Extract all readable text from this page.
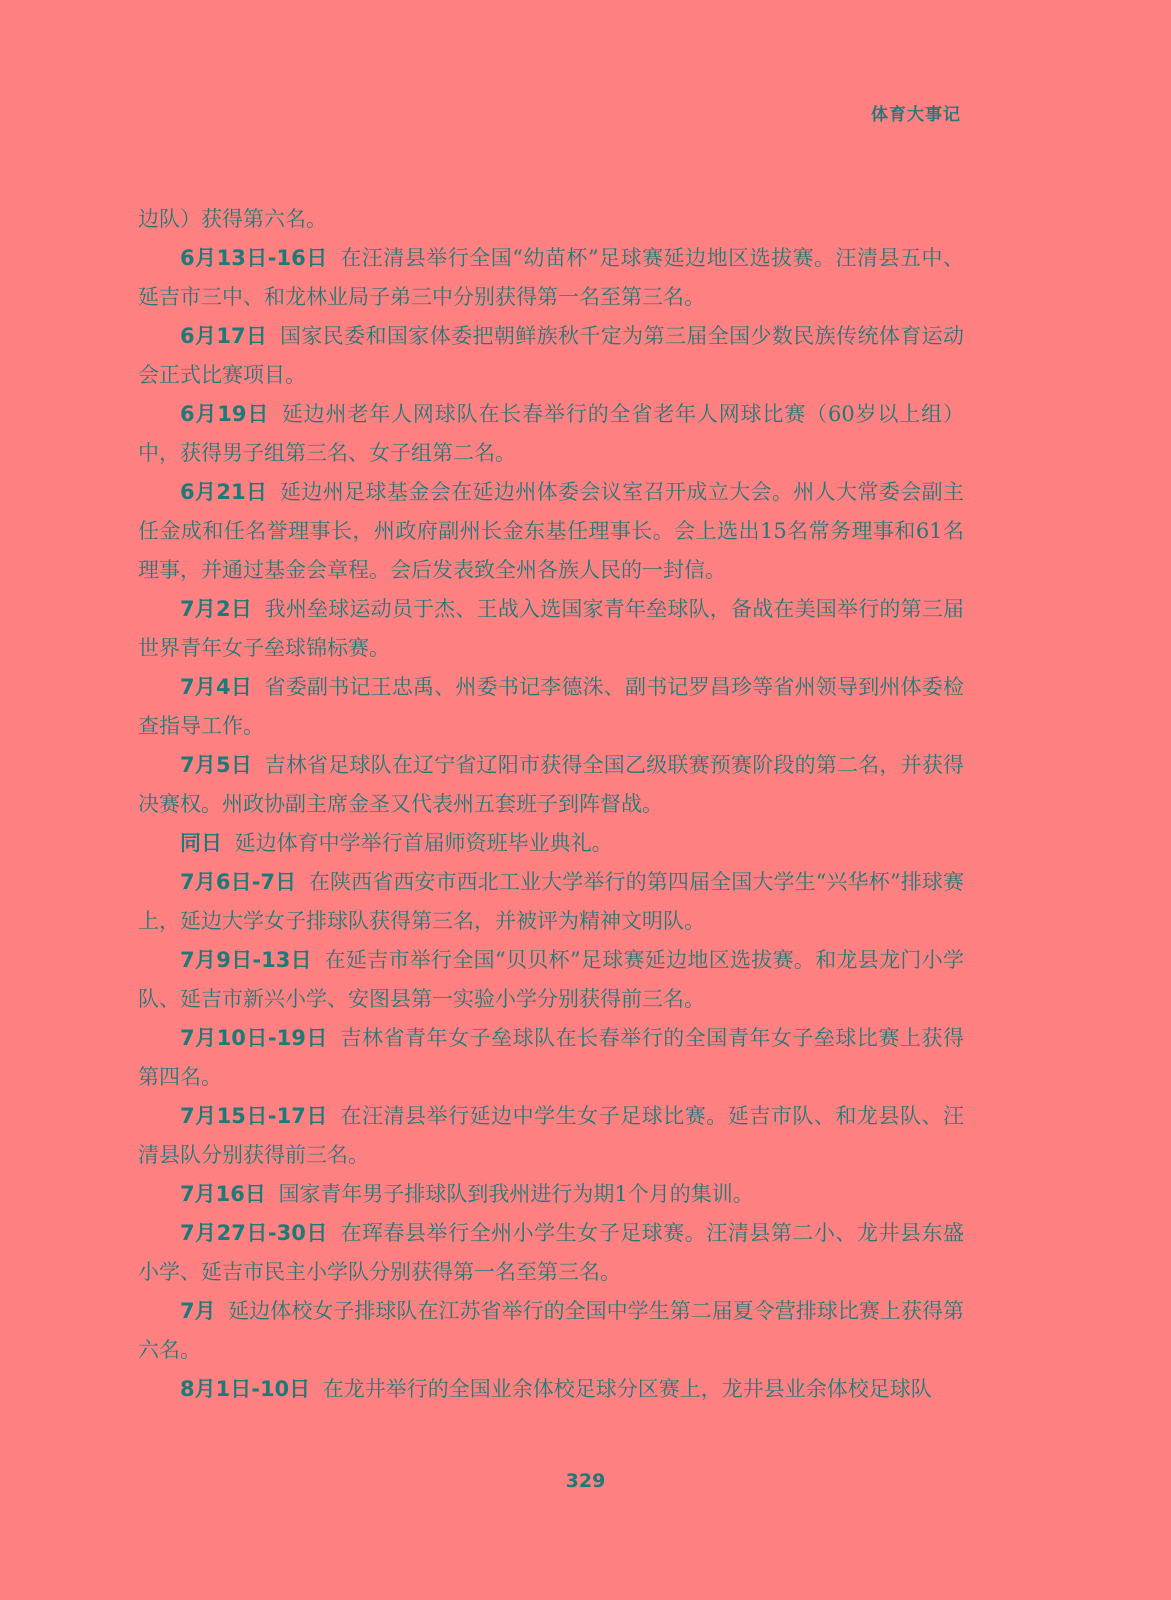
体育大事记

边队）获得第六名。

6月13日-16日 在汪清县举行全国“幼苗杯”足球赛延边地区选拔赛。汪清县五中、延吉市三中、和龙林业局子弟三中分别获得第一名至第三名。

6月17日 国家民委和国家体委把朝鲜族秋千定为第三届全国少数民族传统体育运动会正式比赛项目。

6月19日 延边州老年人网球队在长春举行的全省老年人网球比赛（60岁以上组）中，获得男子组第三名、女子组第二名。

6月21日 延边州足球基金会在延边州体委会议室召开成立大会。州人大常委会副主任金成和任名誉理事长，州政府副州长金东基任理事长。会上选出15名常务理事和61名理事，并通过基金会章程。会后发表致全州各族人民的一封信。

7月2日 我州垒球运动员于杰、王战入选国家青年垒球队，备战在美国举行的第三届世界青年女子垒球锦标赛。

7月4日 省委副书记王忠禹、州委书记李德洙、副书记罗昌珍等省州领导到州体委检查指导工作。

7月5日 吉林省足球队在辽宁省辽阳市获得全国乙级联赛预赛阶段的第二名，并获得决赛权。州政协副主席金圣又代表州五套班子到阵督战。

同日 延边体育中学举行首届师资班毕业典礼。

7月6日-7日 在陕西省西安市西北工业大学举行的第四届全国大学生“兴华杯”排球赛上，延边大学女子排球队获得第三名，并被评为精神文明队。

7月9日-13日 在延吉市举行全国“贝贝杯”足球赛延边地区选拔赛。和龙县龙门小学队、延吉市新兴小学、安图县第一实验小学分别获得前三名。

7月10日-19日 吉林省青年女子垒球队在长春举行的全国青年女子垒球比赛上获得第四名。

7月15日-17日 在汪清县举行延边中学生女子足球比赛。延吉市队、和龙县队、汪清县队分别获得前三名。

7月16日 国家青年男子排球队到我州进行为期1个月的集训。

7月27日-30日 在珲春县举行全州小学生女子足球赛。汪清县第二小、龙井县东盛小学、延吉市民主小学队分别获得第一名至第三名。

7月 延边体校女子排球队在江苏省举行的全国中学生第二届夏令营排球比赛上获得第六名。

8月1日-10日 在龙井举行的全国业余体校足球分区赛上，龙井县业余体校足球队

329
